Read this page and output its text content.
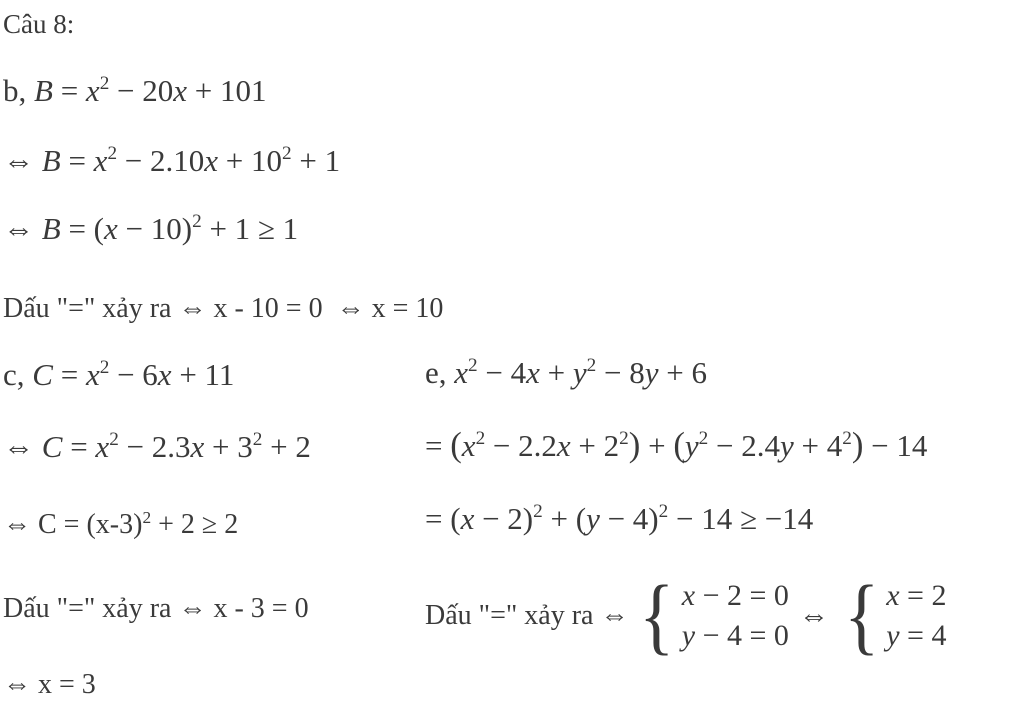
Câu 8:
b, $B = x^2 - 20x + 101$
⇔ $B = x^2 - 2.10x + 10^2 + 1$
⇔ $B = (x - 10)^2 + 1 \ge 1$
Dấu "=" xảy ra ⇔ x - 10 = 0  ⇔ x = 10
c, $C = x^2 - 6x + 11$
⇔ $C = x^2 - 2.3x + 3^2 + 2$
⇔ $C = (x-3)^2 + 2 \ge 2$
Dấu "=" xảy ra ⇔ x - 3 = 0
⇔ x = 3
e, $x^2 - 4x + y^2 - 8y + 6$
= $(x^2 - 2.2x + 2^2) + (y^2 - 2.4y + 4^2) - 14$
= $(x - 2)^2 + (y - 4)^2 - 14 \ge -14$
Dấu "=" xảy ra ⇔ { x − 2 = 0
y − 4 = 0
⇔ { x = 2
y = 4
